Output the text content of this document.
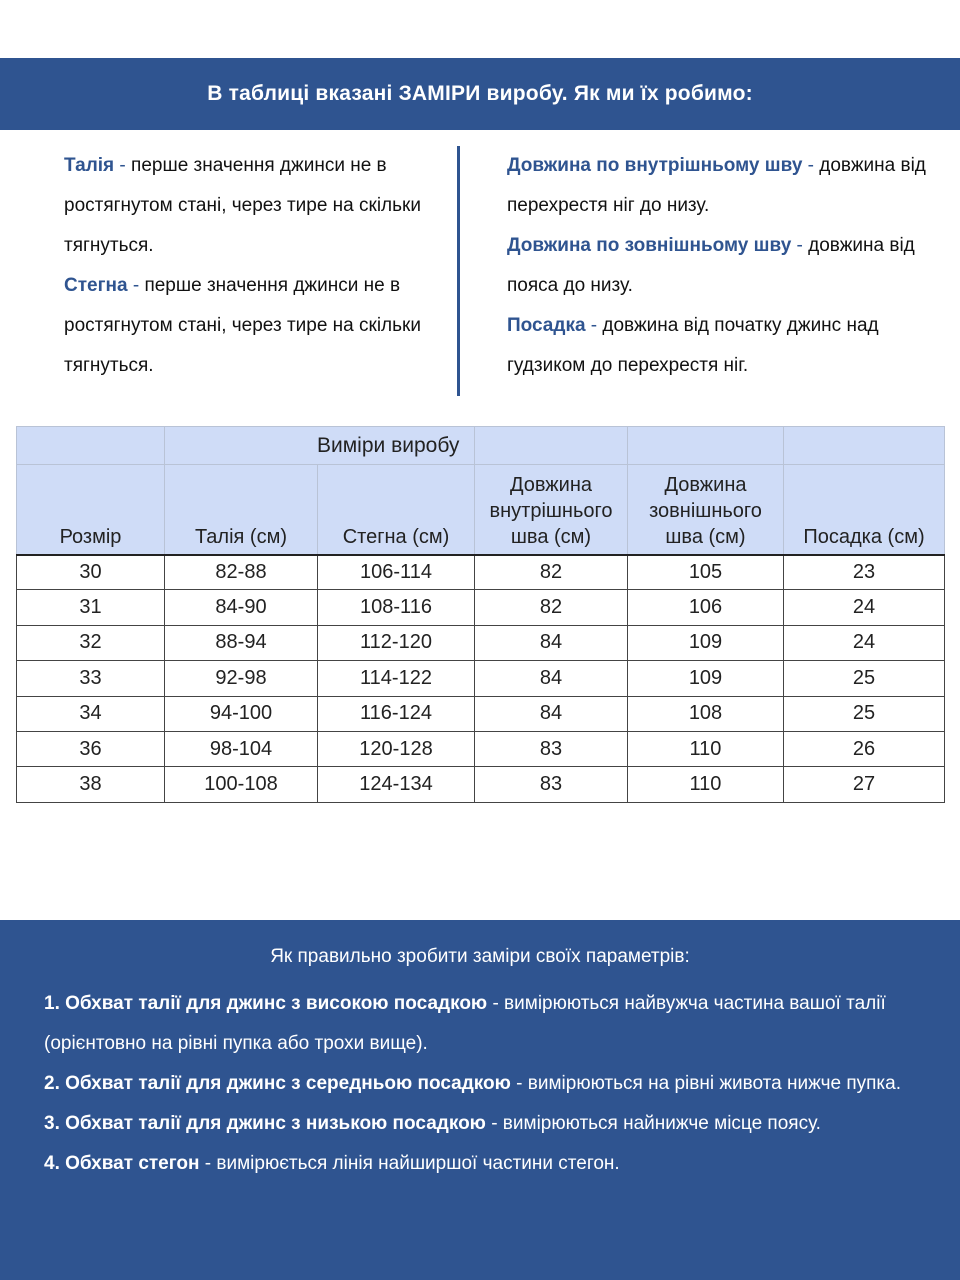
В таблиці вказані ЗАМІРИ виробу. Як ми їх робимо:
Талія - перше значення джинси не в ростягнутом стані, через тире на скільки тягнуться.
Стегна - перше значення джинси не в ростягнутом стані, через тире на скільки тягнуться.
Довжина по внутрішньому шву - довжина від перехрестя ніг до низу.
Довжина по зовнішньому шву - довжина від пояса до низу.
Посадка - довжина від початку джинс над гудзиком до перехрестя ніг.
	Виміри виробу				
Розмір	Талія (см)	Стегна (см)	Довжина внутрішнього шва (см)	Довжина зовнішнього шва (см)	Посадка (см)
30	82-88	106-114	82	105	23
31	84-90	108-116	82	106	24
32	88-94	112-120	84	109	24
33	92-98	114-122	84	109	25
34	94-100	116-124	84	108	25
36	98-104	120-128	83	110	26
38	100-108	124-134	83	110	27
Як правильно зробити заміри своїх параметрів:
1. Обхват талії для джинс з високою посадкою - вимірюються найвужча частина вашої талії (орієнтовно на рівні пупка або трохи вище).
2. Обхват талії для джинс з середньою посадкою - вимірюються на рівні живота нижче пупка.
3. Обхват талії для джинс з низькою посадкою - вимірюються найнижче місце поясу.
4. Обхват стегон - вимірюється лінія найширшої частини стегон.
